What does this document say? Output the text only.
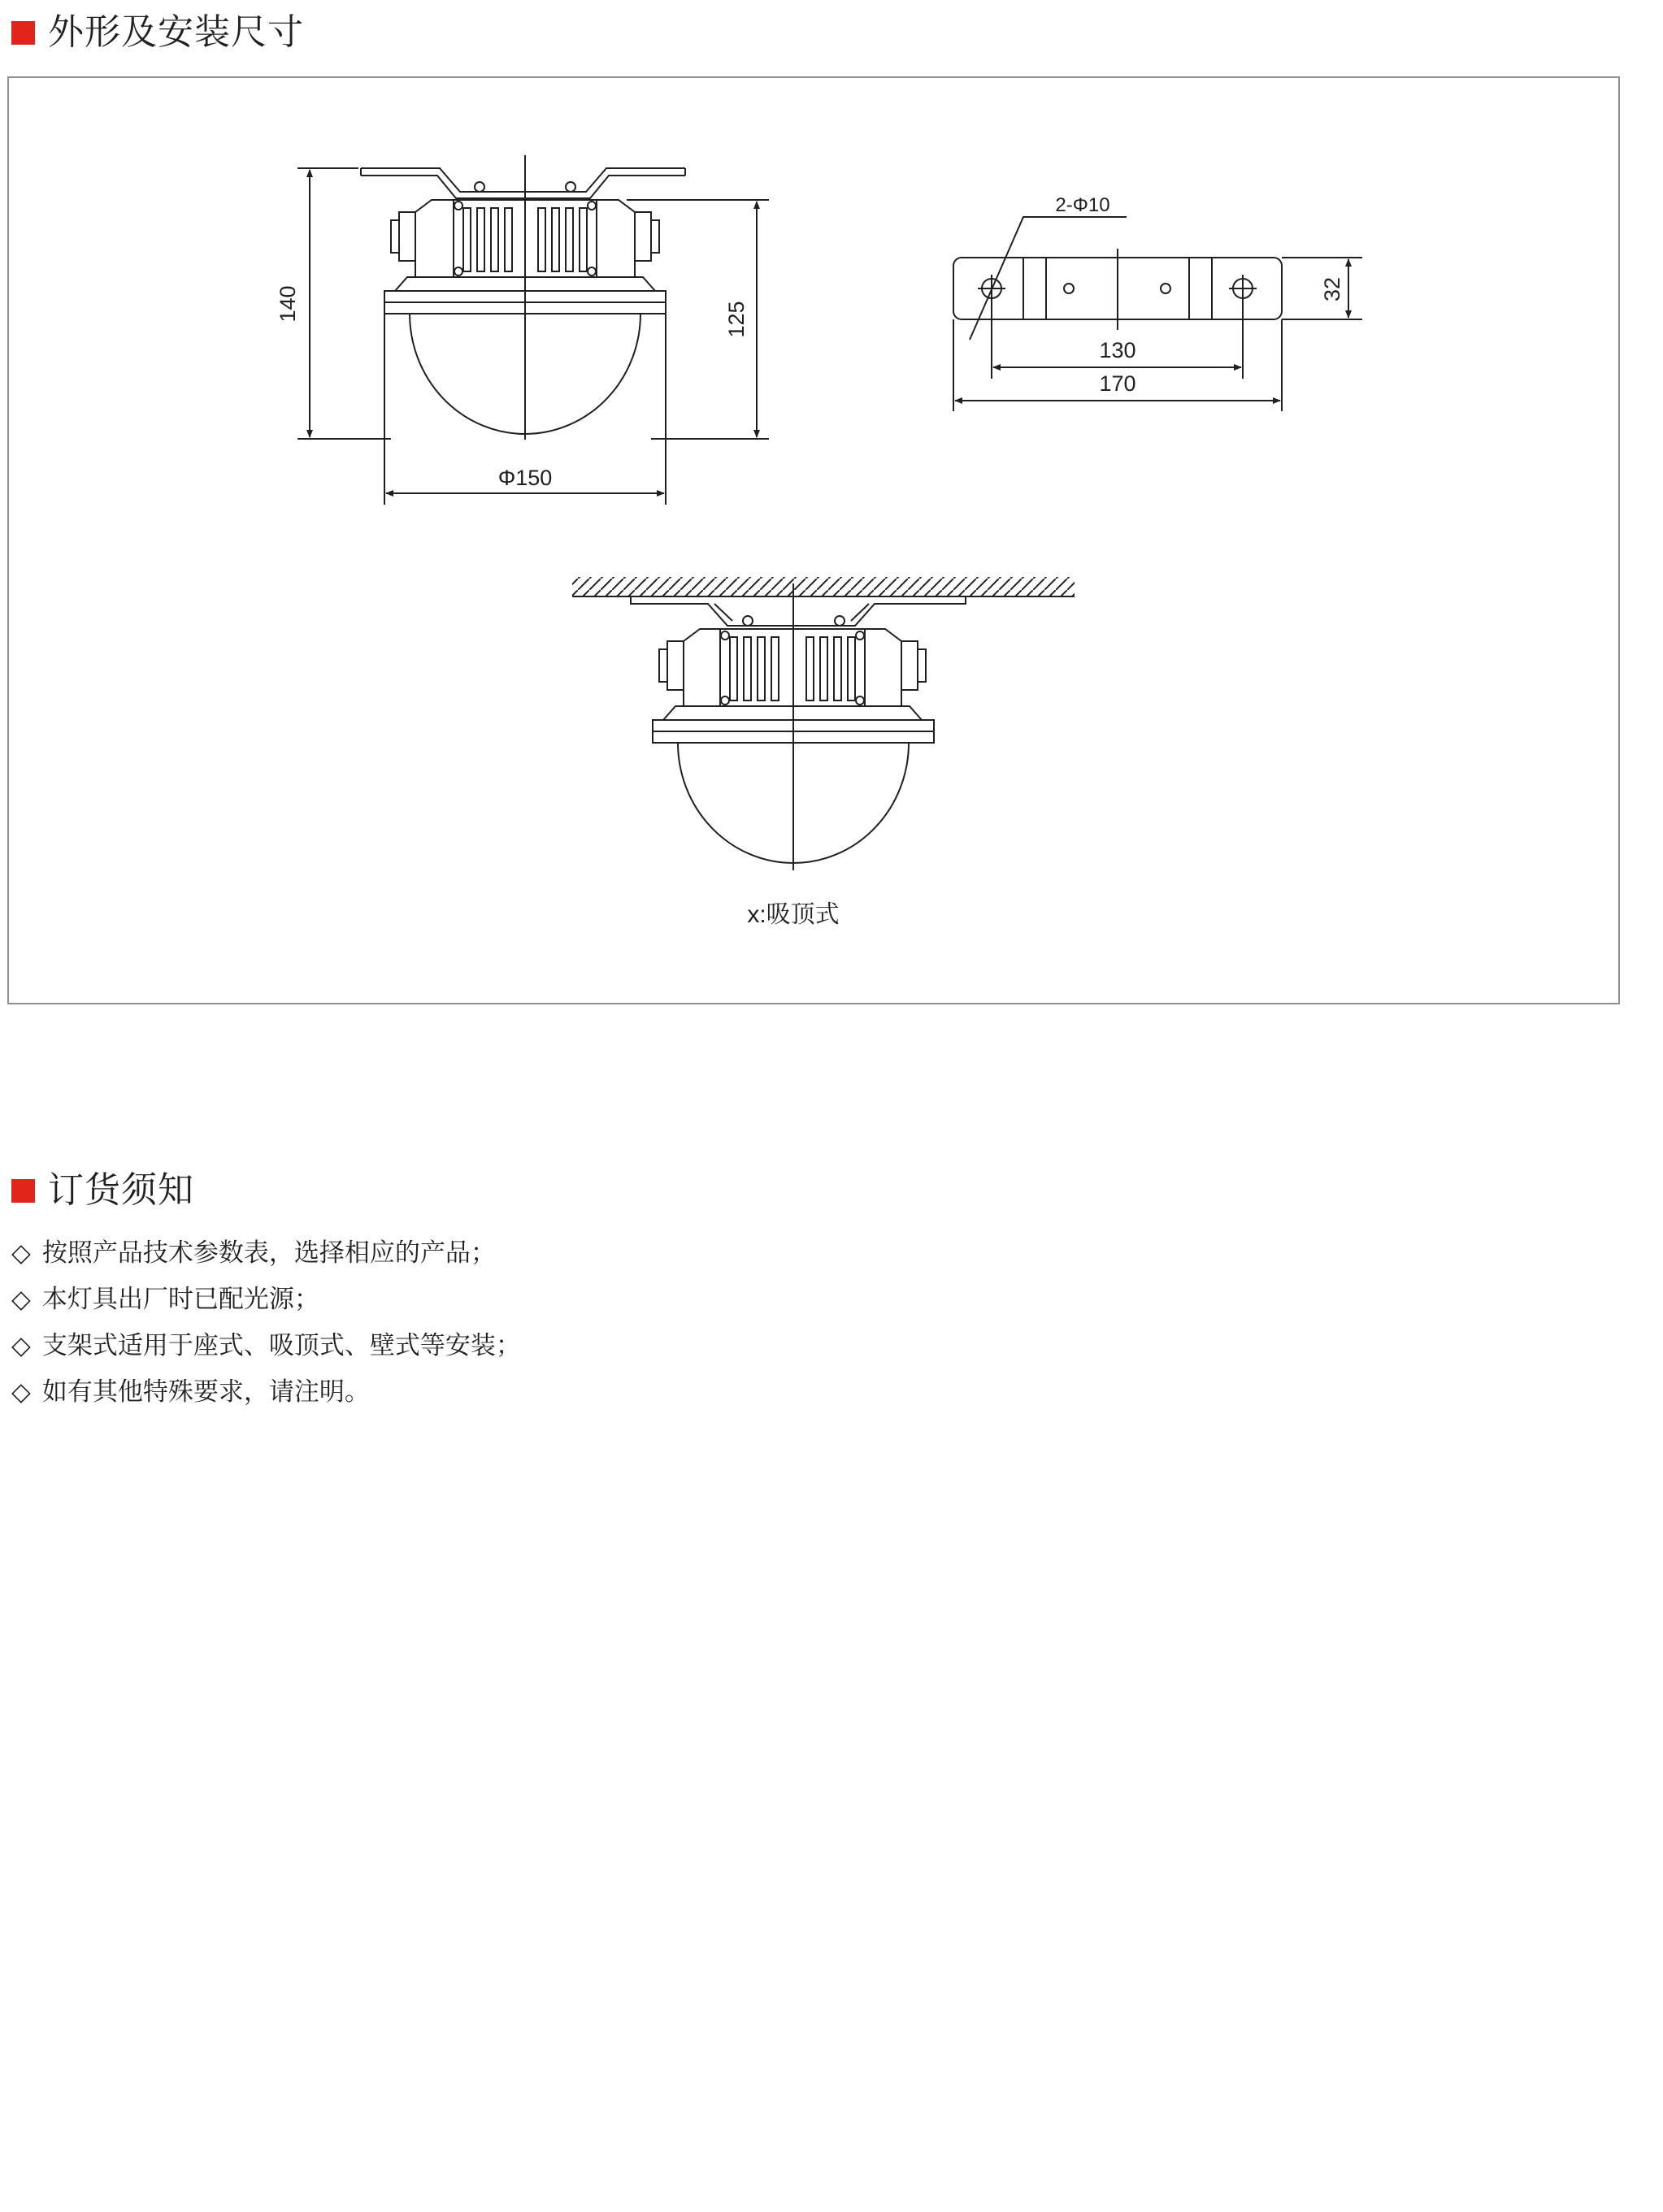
外形及安装尺寸
140	125
Φ150
2-Φ10
32
130
170
x:吸顶式
订货须知
◇ 按照产品技术参数表，选择相应的产品；
◇ 本灯具出厂时已配光源；
◇ 支架式适用于座式、吸顶式、壁式等安装；
◇ 如有其他特殊要求，请注明。
